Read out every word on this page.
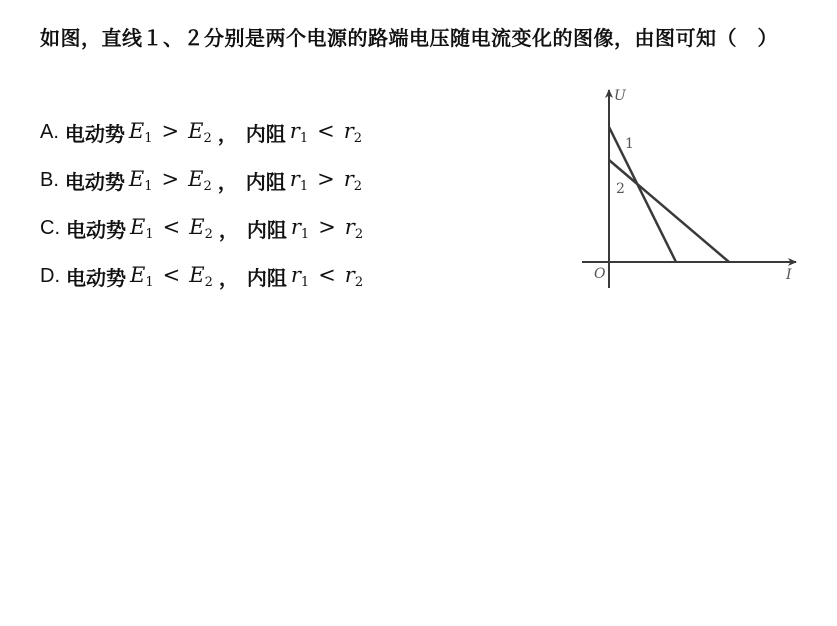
如图，直线１、２分别是两个电源的路端电压随电流变化的图像，由图可知（　）
A. 电动势 $E_1 > E_2$ ， 内阻 $r_1 < r_2$
B. 电动势 $E_1 > E_2$ ， 内阻 $r_1 > r_2$
C. 电动势 $E_1 < E_2$ ， 内阻 $r_1 > r_2$
D. 电动势 $E_1 < E_2$ ， 内阻 $r_1 < r_2$
U
I
O
1
2
